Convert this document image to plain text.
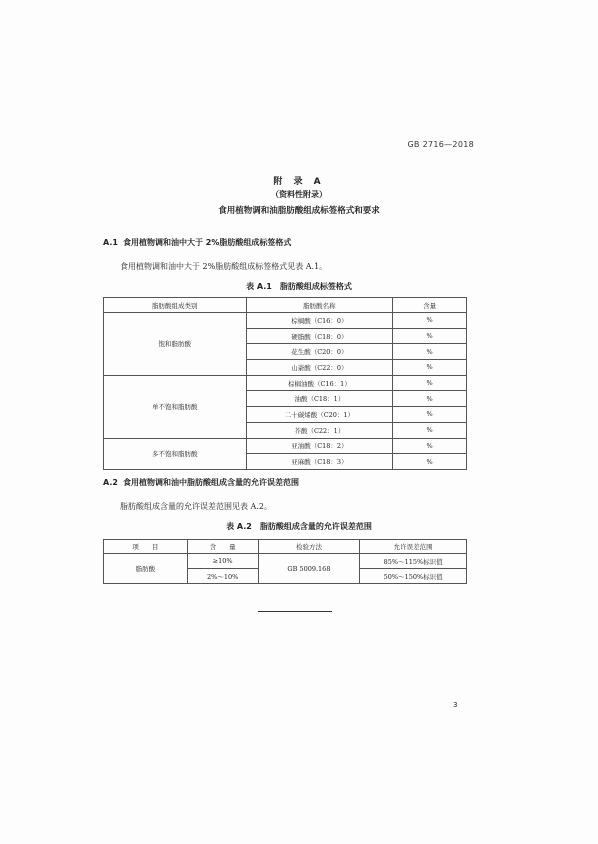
GB 2716—2018
附 录 A
（资料性附录）
食用植物调和油脂肪酸组成标签格式和要求
A.1 食用植物调和油中大于 2%脂肪酸组成标签格式
食用植物调和油中大于 2%脂肪酸组成标签格式见表 A.1。
表 A.1　脂肪酸组成标签格式
脂肪酸组成类别	脂肪酸名称	含量
饱和脂肪酸	棕榈酸（C16：0）	%
	硬脂酸（C18：0）	%
	花生酸（C20：0）	%
	山嵛酸（C22：0）	%
单不饱和脂肪酸	棕榈油酸（C16：1）	%
	油酸（C18：1）	%
	二十碳烯酸（C20：1）	%
	芥酸（C22：1）	%
多不饱和脂肪酸	亚油酸（C18：2）	%
	亚麻酸（C18：3）	%
A.2 食用植物调和油中脂肪酸组成含量的允许误差范围
脂肪酸组成含量的允许误差范围见表 A.2。
表 A.2　脂肪酸组成含量的允许误差范围
项　　目	含　　量	检验方法	允许误差范围
脂肪酸	≥10%	GB 5009.168	85%～115%标识值
	2%～10%		50%～150%标识值
3
